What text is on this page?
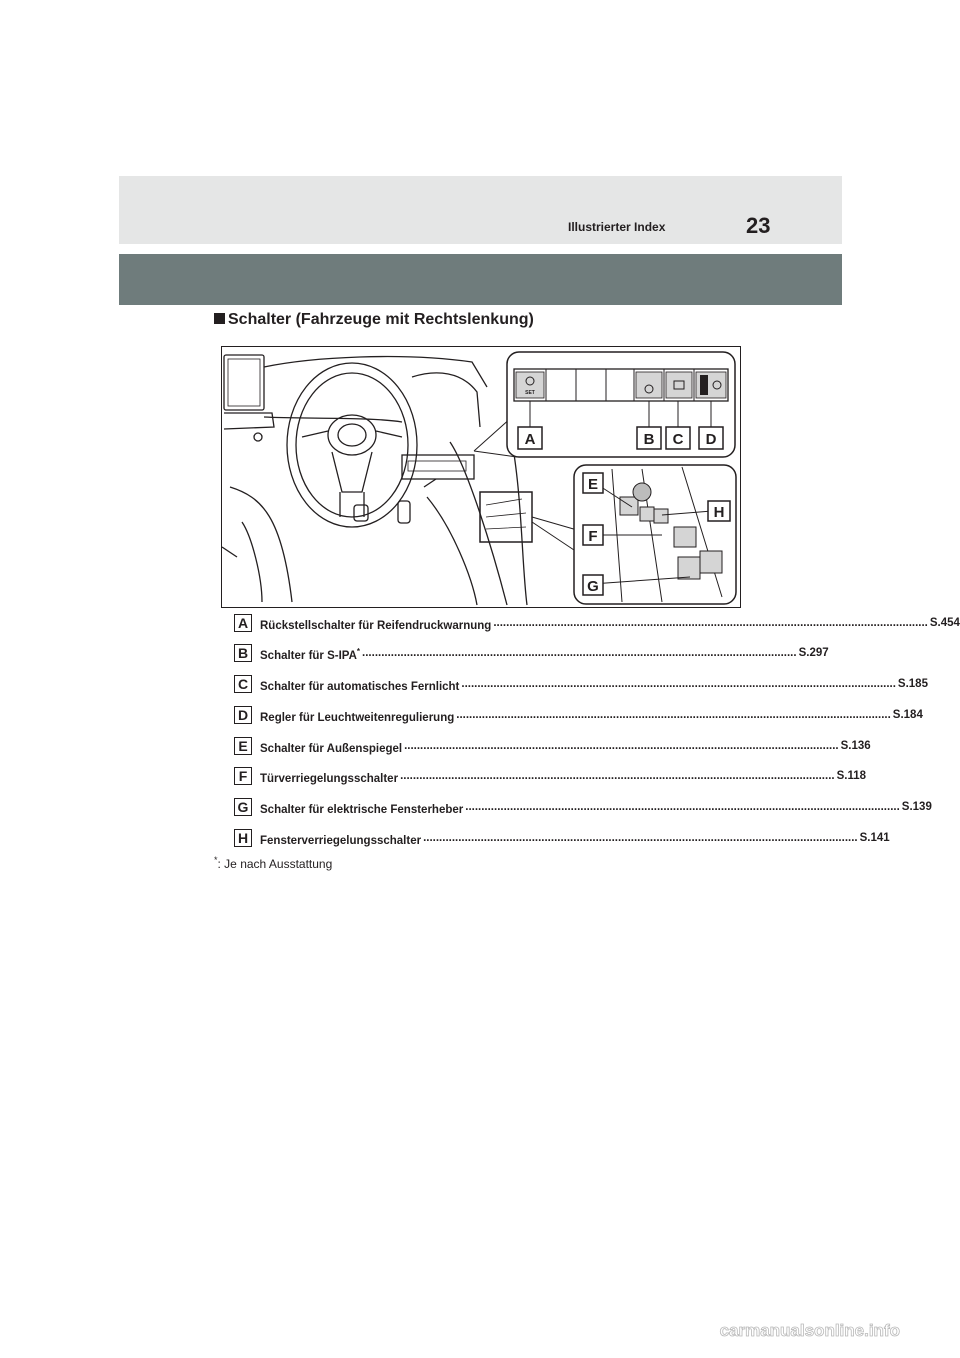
Illustrierter Index	23
Schalter (Fahrzeuge mit Rechtslenkung)
SET
A	B C D
E
F
G
H
A	Rückstellschalter für Reifendruckwarnung ........................................................................................................................................ S.454
B	Schalter für S-IPA* ........................................................................................................................................ S.297
C	Schalter für automatisches Fernlicht ........................................................................................................................................ S.185
D	Regler für Leuchtweitenregulierung ........................................................................................................................................ S.184
E	Schalter für Außenspiegel ........................................................................................................................................ S.136
F	Türverriegelungsschalter ........................................................................................................................................ S.118
G	Schalter für elektrische Fensterheber ........................................................................................................................................ S.139
H	Fensterverriegelungsschalter ........................................................................................................................................ S.141
*: Je nach Ausstattung
carmanualsonline.info
